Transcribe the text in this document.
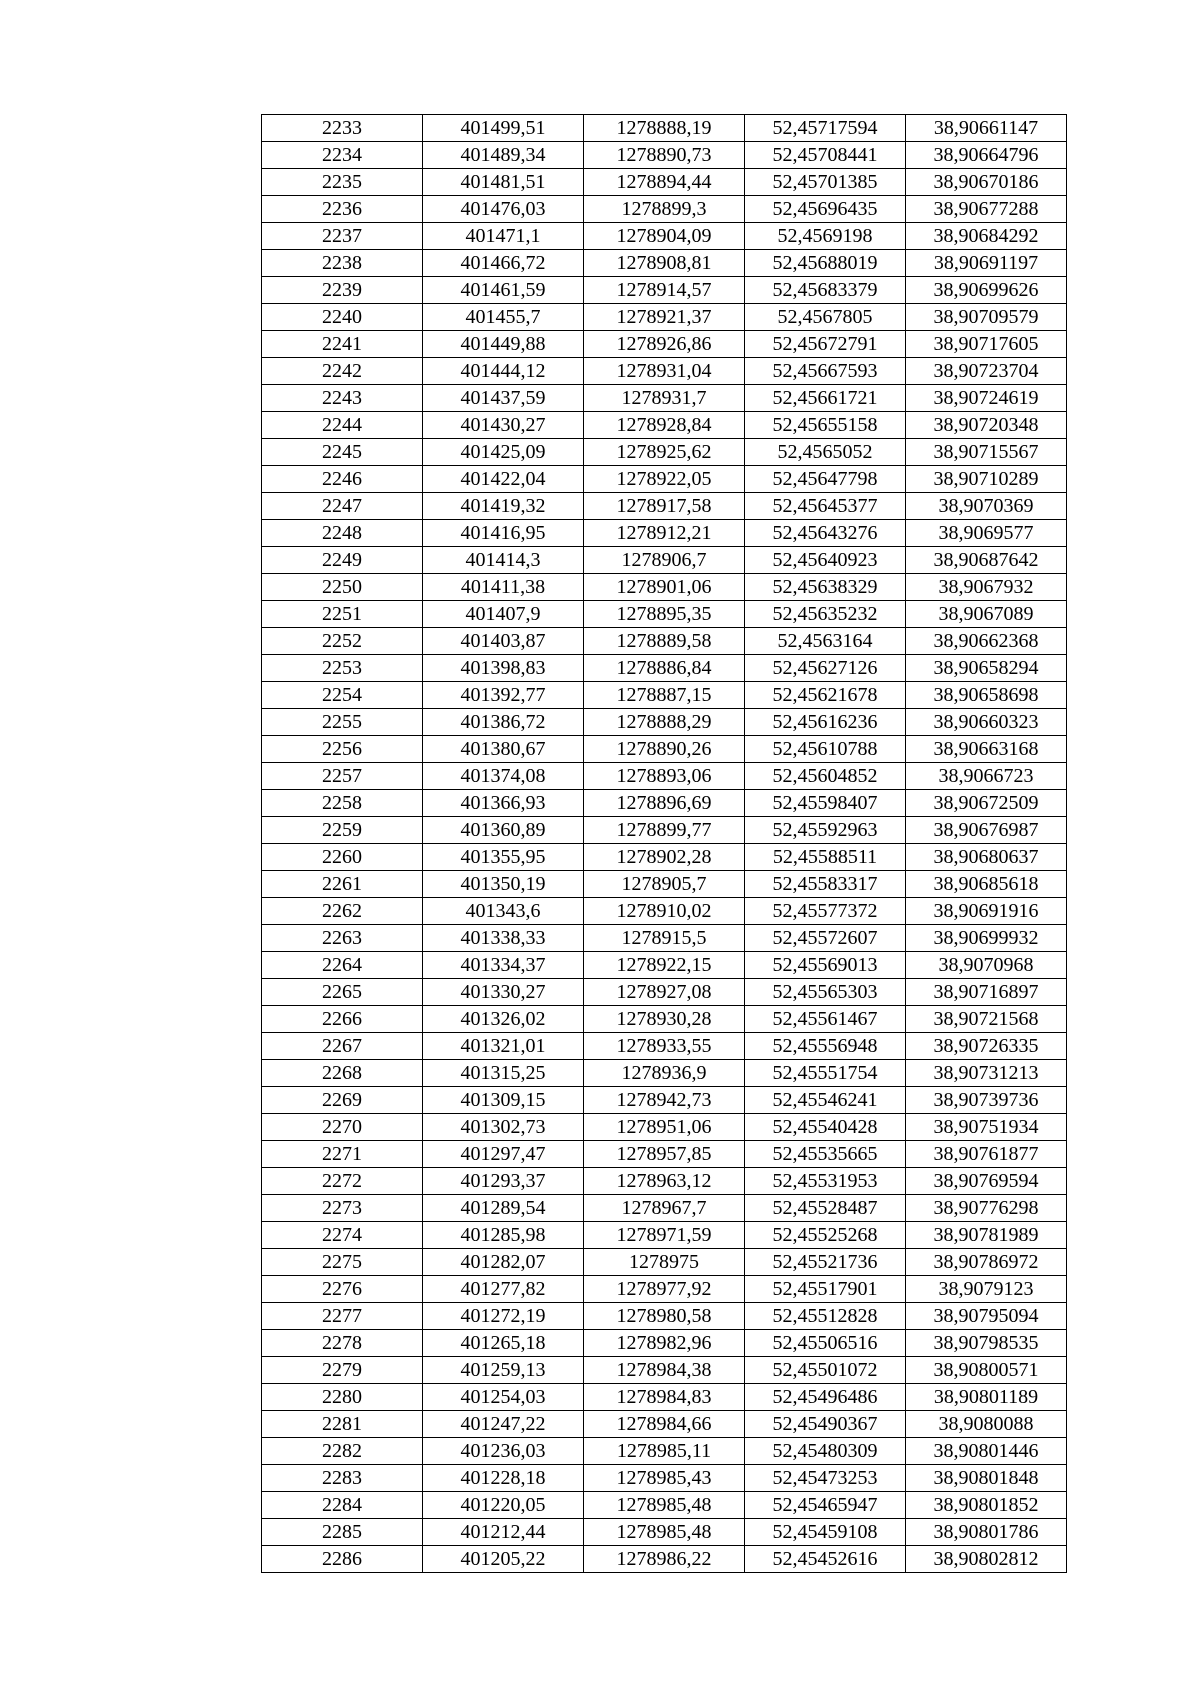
2233	401499,51	1278888,19	52,45717594	38,90661147
2234	401489,34	1278890,73	52,45708441	38,90664796
2235	401481,51	1278894,44	52,45701385	38,90670186
2236	401476,03	1278899,3	52,45696435	38,90677288
2237	401471,1	1278904,09	52,4569198	38,90684292
2238	401466,72	1278908,81	52,45688019	38,90691197
2239	401461,59	1278914,57	52,45683379	38,90699626
2240	401455,7	1278921,37	52,4567805	38,90709579
2241	401449,88	1278926,86	52,45672791	38,90717605
2242	401444,12	1278931,04	52,45667593	38,90723704
2243	401437,59	1278931,7	52,45661721	38,90724619
2244	401430,27	1278928,84	52,45655158	38,90720348
2245	401425,09	1278925,62	52,4565052	38,90715567
2246	401422,04	1278922,05	52,45647798	38,90710289
2247	401419,32	1278917,58	52,45645377	38,9070369
2248	401416,95	1278912,21	52,45643276	38,9069577
2249	401414,3	1278906,7	52,45640923	38,90687642
2250	401411,38	1278901,06	52,45638329	38,9067932
2251	401407,9	1278895,35	52,45635232	38,9067089
2252	401403,87	1278889,58	52,4563164	38,90662368
2253	401398,83	1278886,84	52,45627126	38,90658294
2254	401392,77	1278887,15	52,45621678	38,90658698
2255	401386,72	1278888,29	52,45616236	38,90660323
2256	401380,67	1278890,26	52,45610788	38,90663168
2257	401374,08	1278893,06	52,45604852	38,9066723
2258	401366,93	1278896,69	52,45598407	38,90672509
2259	401360,89	1278899,77	52,45592963	38,90676987
2260	401355,95	1278902,28	52,45588511	38,90680637
2261	401350,19	1278905,7	52,45583317	38,90685618
2262	401343,6	1278910,02	52,45577372	38,90691916
2263	401338,33	1278915,5	52,45572607	38,90699932
2264	401334,37	1278922,15	52,45569013	38,9070968
2265	401330,27	1278927,08	52,45565303	38,90716897
2266	401326,02	1278930,28	52,45561467	38,90721568
2267	401321,01	1278933,55	52,45556948	38,90726335
2268	401315,25	1278936,9	52,45551754	38,90731213
2269	401309,15	1278942,73	52,45546241	38,90739736
2270	401302,73	1278951,06	52,45540428	38,90751934
2271	401297,47	1278957,85	52,45535665	38,90761877
2272	401293,37	1278963,12	52,45531953	38,90769594
2273	401289,54	1278967,7	52,45528487	38,90776298
2274	401285,98	1278971,59	52,45525268	38,90781989
2275	401282,07	1278975	52,45521736	38,90786972
2276	401277,82	1278977,92	52,45517901	38,9079123
2277	401272,19	1278980,58	52,45512828	38,90795094
2278	401265,18	1278982,96	52,45506516	38,90798535
2279	401259,13	1278984,38	52,45501072	38,90800571
2280	401254,03	1278984,83	52,45496486	38,90801189
2281	401247,22	1278984,66	52,45490367	38,9080088
2282	401236,03	1278985,11	52,45480309	38,90801446
2283	401228,18	1278985,43	52,45473253	38,90801848
2284	401220,05	1278985,48	52,45465947	38,90801852
2285	401212,44	1278985,48	52,45459108	38,90801786
2286	401205,22	1278986,22	52,45452616	38,90802812
